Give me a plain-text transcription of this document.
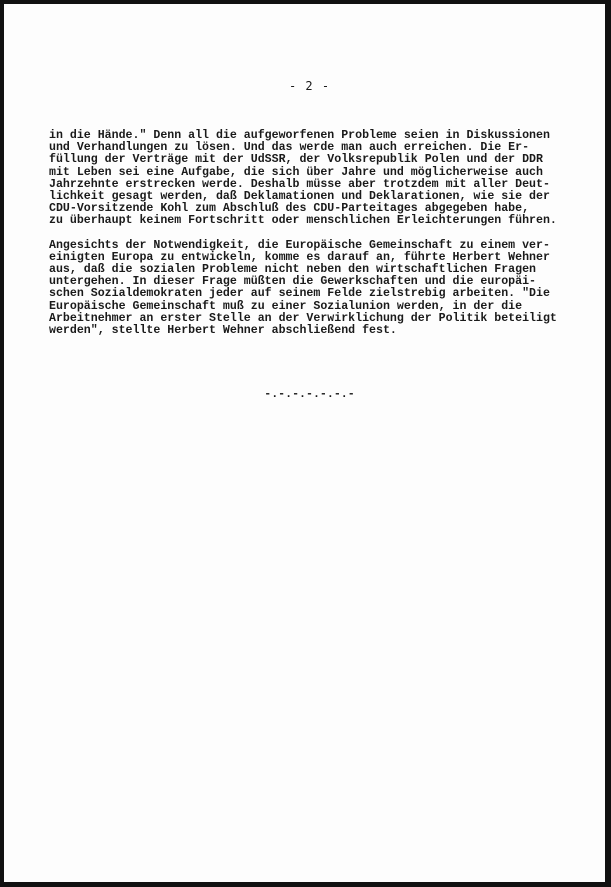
- 2 -

in die Hände." Denn all die aufgeworfenen Probleme seien in Diskussionen
und Verhandlungen zu lösen. Und das werde man auch erreichen. Die Er-
füllung der Verträge mit der UdSSR, der Volksrepublik Polen und der DDR
mit Leben sei eine Aufgabe, die sich über Jahre und möglicherweise auch
Jahrzehnte erstrecken werde. Deshalb müsse aber trotzdem mit aller Deut-
lichkeit gesagt werden, daß Deklamationen und Deklarationen, wie sie der
CDU-Vorsitzende Kohl zum Abschluß des CDU-Parteitages abgegeben habe,
zu überhaupt keinem Fortschritt oder menschlichen Erleichterungen führen.

Angesichts der Notwendigkeit, die Europäische Gemeinschaft zu einem ver-
einigten Europa zu entwickeln, komme es darauf an, führte Herbert Wehner
aus, daß die sozialen Probleme nicht neben den wirtschaftlichen Fragen
untergehen. In dieser Frage müßten die Gewerkschaften und die europäi-
schen Sozialdemokraten jeder auf seinem Felde zielstrebig arbeiten. "Die
Europäische Gemeinschaft muß zu einer Sozialunion werden, in der die
Arbeitnehmer an erster Stelle an der Verwirklichung der Politik beteiligt
werden", stellte Herbert Wehner abschließend fest.

-.-.-.-.-.-.-
